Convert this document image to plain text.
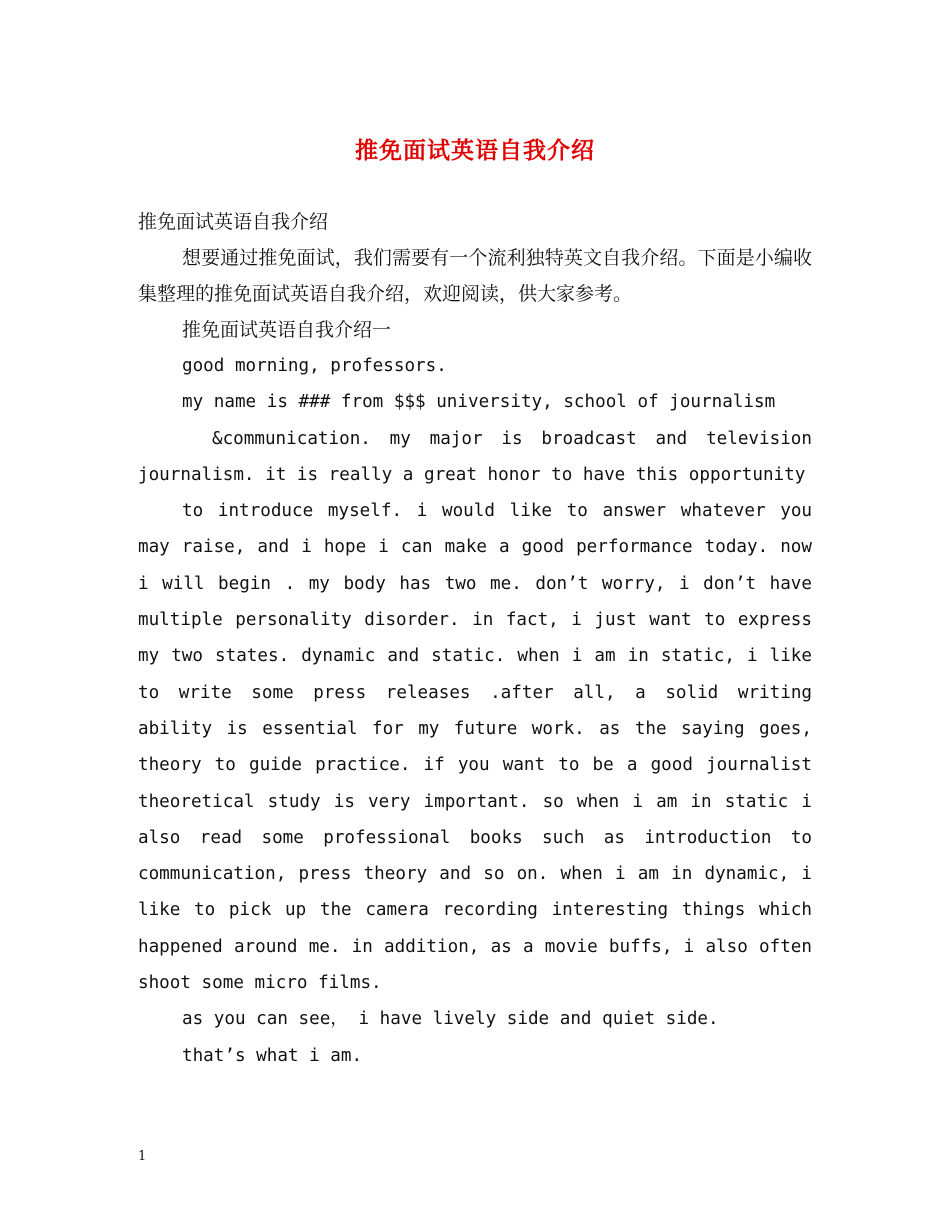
推免面试英语自我介绍

推免面试英语自我介绍

想要通过推免面试，我们需要有一个流利独特英文自我介绍。下面是小编收集整理的推免面试英语自我介绍，欢迎阅读，供大家参考。

推免面试英语自我介绍一

good morning, professors.

my name is ### from $$$ university, school of journalism

&communication. my major is broadcast and television journalism. it is really a great honor to have this opportunity

to introduce myself. i would like to answer whatever you may raise, and i hope i can make a good performance today. now i will begin . my body has two me. don’t worry, i don’t have multiple personality disorder. in fact, i just want to express my two states. dynamic and static. when i am in static, i like to write some press releases .after all, a solid writing ability is essential for my future work. as the saying goes, theory to guide practice. if you want to be a good journalist theoretical study is very important. so when i am in static i also read some professional books such as introduction to communication, press theory and so on. when i am in dynamic, i like to pick up the camera recording interesting things which happened around me. in addition, as a movie buffs, i also often shoot some micro films.

as you can see， i have lively side and quiet side.

that’s what i am.

1
